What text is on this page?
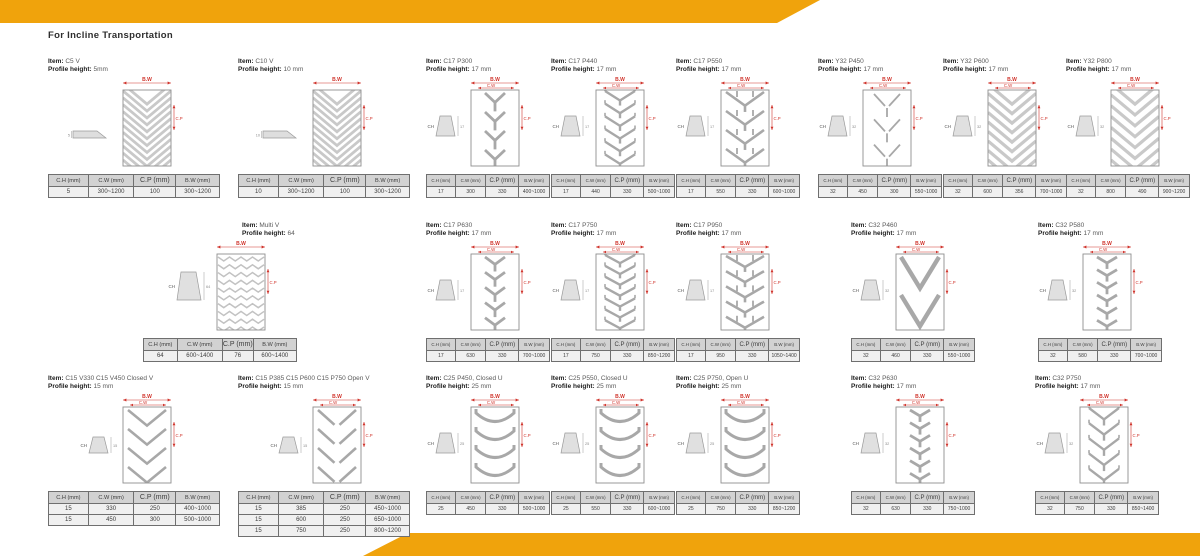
For Incline Transportation
Item: C5 V
Profile height: 5mm
B.W
C.P
5
C.H (mm)	C.W (mm)	C.P (mm)	B.W (mm)
5	300~1200	100	300~1200
Item: C10 V
Profile height: 10 mm
B.W
C.P
10
C.H (mm)	C.W (mm)	C.P (mm)	B.W (mm)
10	300~1200	100	300~1200
Item: C17 P300
Profile height: 17 mm
B.W
C.W
C.P
CH	17
C.H (mm)	C.W (mm)	C.P (mm)	B.W (mm)
17	300	330	400~1000
Item: C17 P440
Profile height: 17 mm
B.W
C.W
C.P
CH	17
C.H (mm)	C.W (mm)	C.P (mm)	B.W (mm)
17	440	330	500~1000
Item: C17 P550
Profile height: 17 mm
B.W
C.W
C.P
CH	17
C.H (mm)	C.W (mm)	C.P (mm)	B.W (mm)
17	550	330	600~1000
Item: Y32 P450
Profile height: 17 mm
B.W
C.W
C.P
CH	32
C.H (mm)	C.W (mm)	C.P (mm)	B.W (mm)
32	450	300	550~1000
Item: Y32 P600
Profile height: 17 mm
B.W
C.W
C.P
CH	32
C.H (mm)	C.W (mm)	C.P (mm)	B.W (mm)
32	600	356	700~1000
Item: Y32 P800
Profile height: 17 mm
B.W
C.W
C.P
CH	32
C.H (mm)	C.W (mm)	C.P (mm)	B.W (mm)
32	800	490	900~1200
Item: Multi V
Profile height: 64
B.W
C.P
CH	64
C.H (mm)	C.W (mm)	C.P (mm)	B.W (mm)
64	600~1400	76	600~1400
Item: C17 P630
Profile height: 17 mm
B.W
C.W
C.P
CH	17
C.H (mm)	C.W (mm)	C.P (mm)	B.W (mm)
17	630	330	700~1000
Item: C17 P750
Profile height: 17 mm
B.W
C.W
C.P
CH	17
C.H (mm)	C.W (mm)	C.P (mm)	B.W (mm)
17	750	330	850~1200
Item: C17 P950
Profile height: 17 mm
B.W
C.W
C.P
CH	17
C.H (mm)	C.W (mm)	C.P (mm)	B.W (mm)
17	950	330	1050~1400
Item: C32 P460
Profile height: 17 mm
B.W
C.W
C.P
CH	32
C.H (mm)	C.W (mm)	C.P (mm)	B.W (mm)
32	460	330	550~1000
Item: C32 P580
Profile height: 17 mm
B.W
C.W
C.P
CH	32
C.H (mm)	C.W (mm)	C.P (mm)	B.W (mm)
32	580	330	700~1000
Item: C15 V330 C15 V450 Closed V
Profile height: 15 mm
B.W
C.W
C.P
CH	15
C.H (mm)	C.W (mm)	C.P (mm)	B.W (mm)
15	330	250	400~1000
15	450	300	500~1000
Item: C15 P385 C15 P600 C15 P750 Open V
Profile height: 15 mm
B.W
C.W
C.P
CH	15
C.H (mm)	C.W (mm)	C.P (mm)	B.W (mm)
15	385	250	450~1000
15	600	250	650~1000
15	750	250	800~1200
Item: C25 P450, Closed U
Profile height: 25 mm
B.W
C.W
C.P
CH	25
C.H (mm)	C.W (mm)	C.P (mm)	B.W (mm)
25	450	330	500~1000
Item: C25 P550, Closed U
Profile height: 25 mm
B.W
C.W
C.P
CH	25
C.H (mm)	C.W (mm)	C.P (mm)	B.W (mm)
25	550	330	600~1000
Item: C25 P750, Open U
Profile height: 25 mm
B.W
C.W
C.P
CH	25
C.H (mm)	C.W (mm)	C.P (mm)	B.W (mm)
25	750	330	850~1200
Item: C32 P630
Profile height: 17 mm
B.W
C.W
C.P
CH	32
C.H (mm)	C.W (mm)	C.P (mm)	B.W (mm)
32	630	330	750~1000
Item: C32 P750
Profile height: 17 mm
B.W
C.W
C.P
CH	32
C.H (mm)	C.W (mm)	C.P (mm)	B.W (mm)
32	750	330	850~1400
